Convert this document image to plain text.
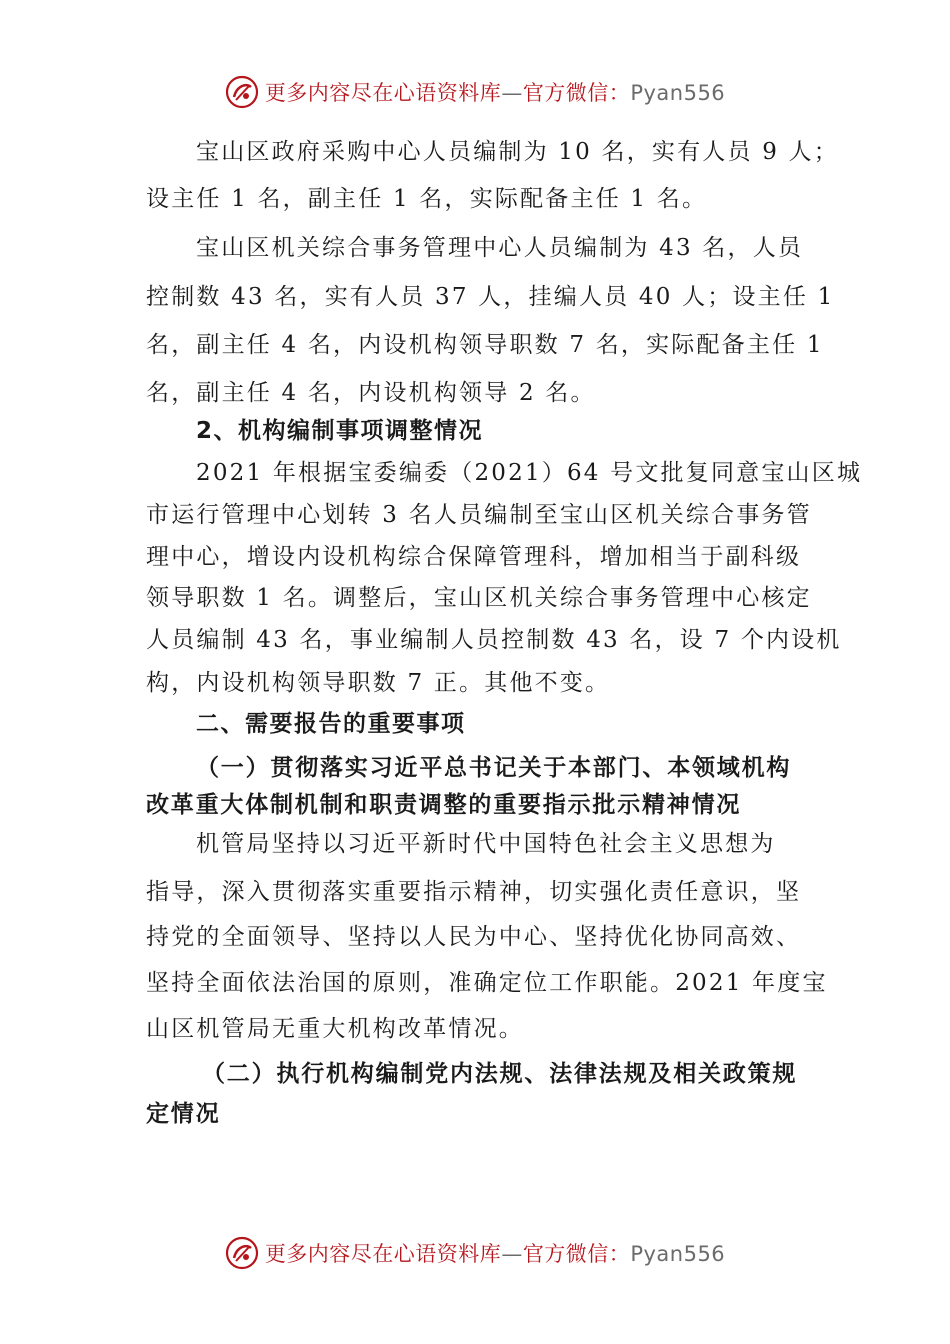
更多内容尽在心语资料库—官方微信：Pyan556
宝山区政府采购中心人员编制为 10 名，实有人员 9 人；
设主任 1 名，副主任 1 名，实际配备主任 1 名。
宝山区机关综合事务管理中心人员编制为 43 名，人员
控制数 43 名，实有人员 37 人，挂编人员 40 人；设主任 1
名，副主任 4 名，内设机构领导职数 7 名，实际配备主任 1
名，副主任 4 名，内设机构领导 2 名。
2、机构编制事项调整情况
2021 年根据宝委编委（2021）64 号文批复同意宝山区城
市运行管理中心划转 3 名人员编制至宝山区机关综合事务管
理中心，增设内设机构综合保障管理科，增加相当于副科级
领导职数 1 名。调整后，宝山区机关综合事务管理中心核定
人员编制 43 名，事业编制人员控制数 43 名，设 7 个内设机
构，内设机构领导职数 7 正。其他不变。
二、需要报告的重要事项
（一）贯彻落实习近平总书记关于本部门、本领域机构
改革重大体制机制和职责调整的重要指示批示精神情况
机管局坚持以习近平新时代中国特色社会主义思想为
指导，深入贯彻落实重要指示精神，切实强化责任意识，坚
持党的全面领导、坚持以人民为中心、坚持优化协同高效、
坚持全面依法治国的原则，准确定位工作职能。2021 年度宝
山区机管局无重大机构改革情况。
（二）执行机构编制党内法规、法律法规及相关政策规
定情况
更多内容尽在心语资料库—官方微信：Pyan556
